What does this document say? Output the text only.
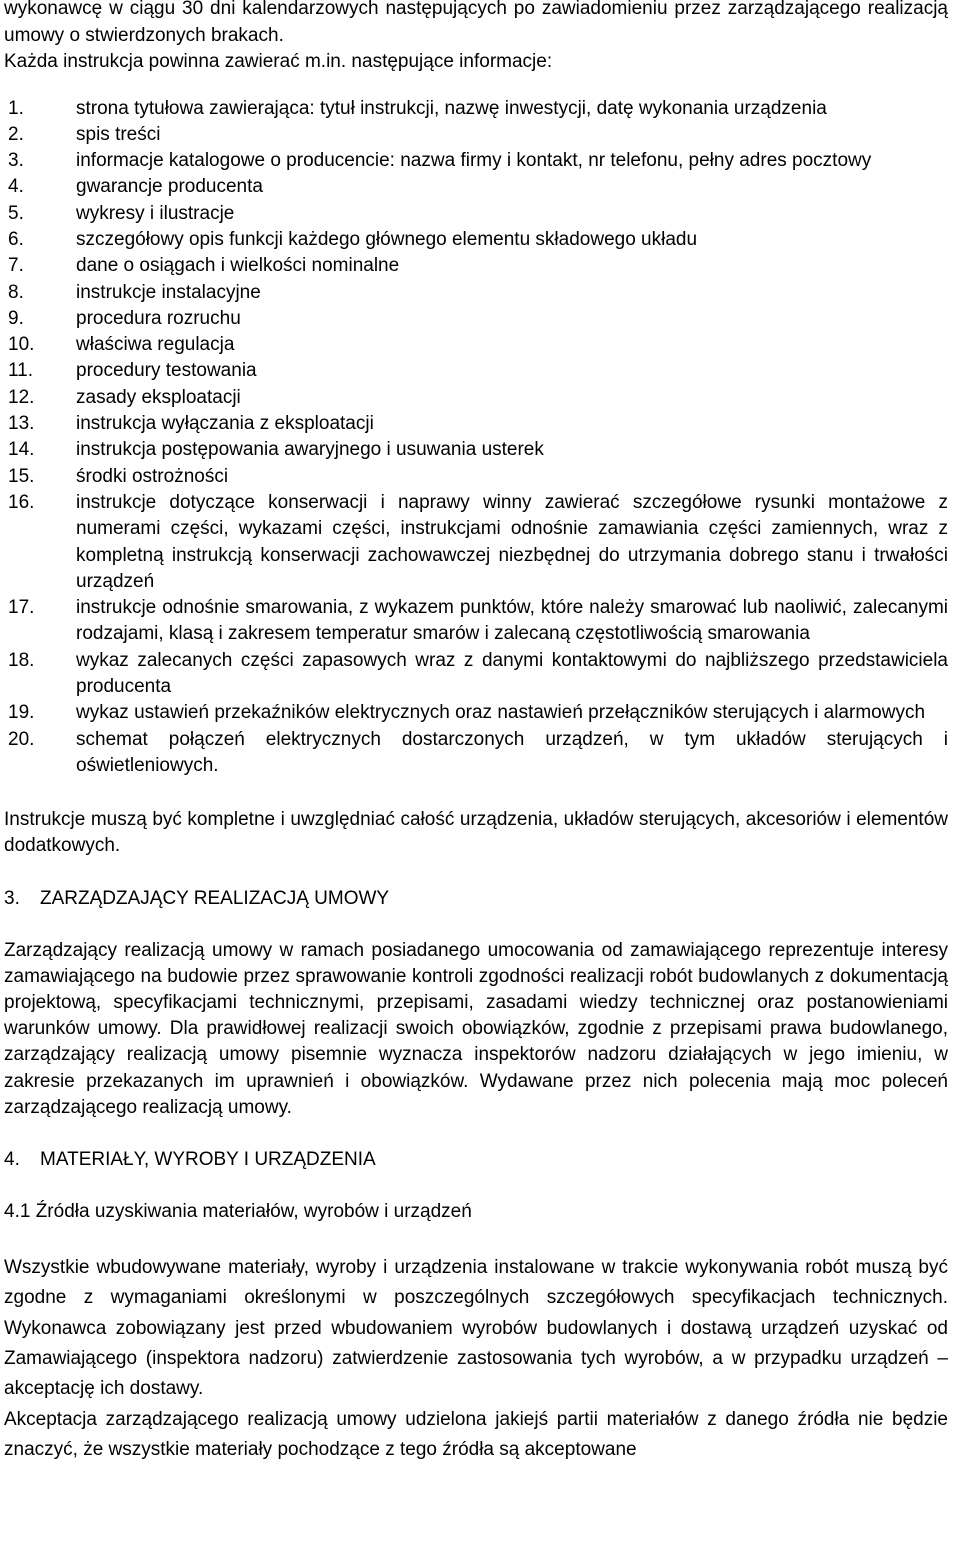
wykonawcę w ciągu 30 dni kalendarzowych następujących po zawiadomieniu przez zarządzającego realizacją umowy o stwierdzonych brakach.

Każda instrukcja powinna zawierać m.in. następujące informacje:

1.	strona tytułowa zawierająca: tytuł instrukcji, nazwę inwestycji, datę wykonania urządzenia
2.	spis treści
3.	informacje katalogowe o producencie: nazwa firmy i kontakt, nr telefonu, pełny adres pocztowy
4.	gwarancje producenta
5.	wykresy i ilustracje
6.	szczegółowy opis funkcji każdego głównego elementu składowego układu
7.	dane o osiągach i wielkości nominalne
8.	instrukcje instalacyjne
9.	procedura rozruchu
10.	właściwa regulacja
11.	procedury testowania
12.	zasady eksploatacji
13.	instrukcja wyłączania z eksploatacji
14.	instrukcja postępowania awaryjnego i usuwania usterek
15.	środki ostrożności
16.	instrukcje dotyczące konserwacji i naprawy winny zawierać szczegółowe rysunki montażowe z numerami części, wykazami części, instrukcjami odnośnie zamawiania części zamiennych, wraz z kompletną instrukcją konserwacji zachowawczej niezbędnej do utrzymania dobrego stanu i trwałości urządzeń
17.	instrukcje odnośnie smarowania, z wykazem punktów, które należy smarować lub naoliwić, zalecanymi rodzajami, klasą i zakresem temperatur smarów i zalecaną częstotliwością smarowania
18.	wykaz zalecanych części zapasowych wraz z danymi kontaktowymi do najbliższego przedstawiciela producenta
19.	wykaz ustawień przekaźników elektrycznych oraz nastawień przełączników sterujących i alarmowych
20.	schemat połączeń elektrycznych dostarczonych urządzeń, w tym układów sterujących i oświetleniowych.

Instrukcje muszą być kompletne i uwzględniać całość urządzenia, układów sterujących, akcesoriów i elementów dodatkowych.

3. ZARZĄDZAJĄCY REALIZACJĄ UMOWY

Zarządzający realizacją umowy w ramach posiadanego umocowania od zamawiającego reprezentuje interesy zamawiającego na budowie przez sprawowanie kontroli zgodności realizacji robót budowlanych z dokumentacją projektową, specyfikacjami technicznymi, przepisami, zasadami wiedzy technicznej oraz postanowieniami warunków umowy. Dla prawidłowej realizacji swoich obowiązków, zgodnie z przepisami prawa budowlanego, zarządzający realizacją umowy pisemnie wyznacza inspektorów nadzoru działających w jego imieniu, w zakresie przekazanych im uprawnień i obowiązków. Wydawane przez nich polecenia mają moc poleceń zarządzającego realizacją umowy.

4. MATERIAŁY, WYROBY I URZĄDZENIA
4.1 Źródła uzyskiwania materiałów, wyrobów i urządzeń

Wszystkie wbudowywane materiały, wyroby i urządzenia instalowane w trakcie wykonywania robót muszą być zgodne z wymaganiami określonymi w poszczególnych szczegółowych specyfikacjach technicznych. Wykonawca zobowiązany jest przed wbudowaniem wyrobów budowlanych i dostawą urządzeń uzyskać od Zamawiającego (inspektora nadzoru) zatwierdzenie zastosowania tych wyrobów, a w przypadku urządzeń – akceptację ich dostawy.

Akceptacja zarządzającego realizacją umowy udzielona jakiejś partii materiałów z danego źródła nie będzie znaczyć, że wszystkie materiały pochodzące z tego źródła są akceptowane
